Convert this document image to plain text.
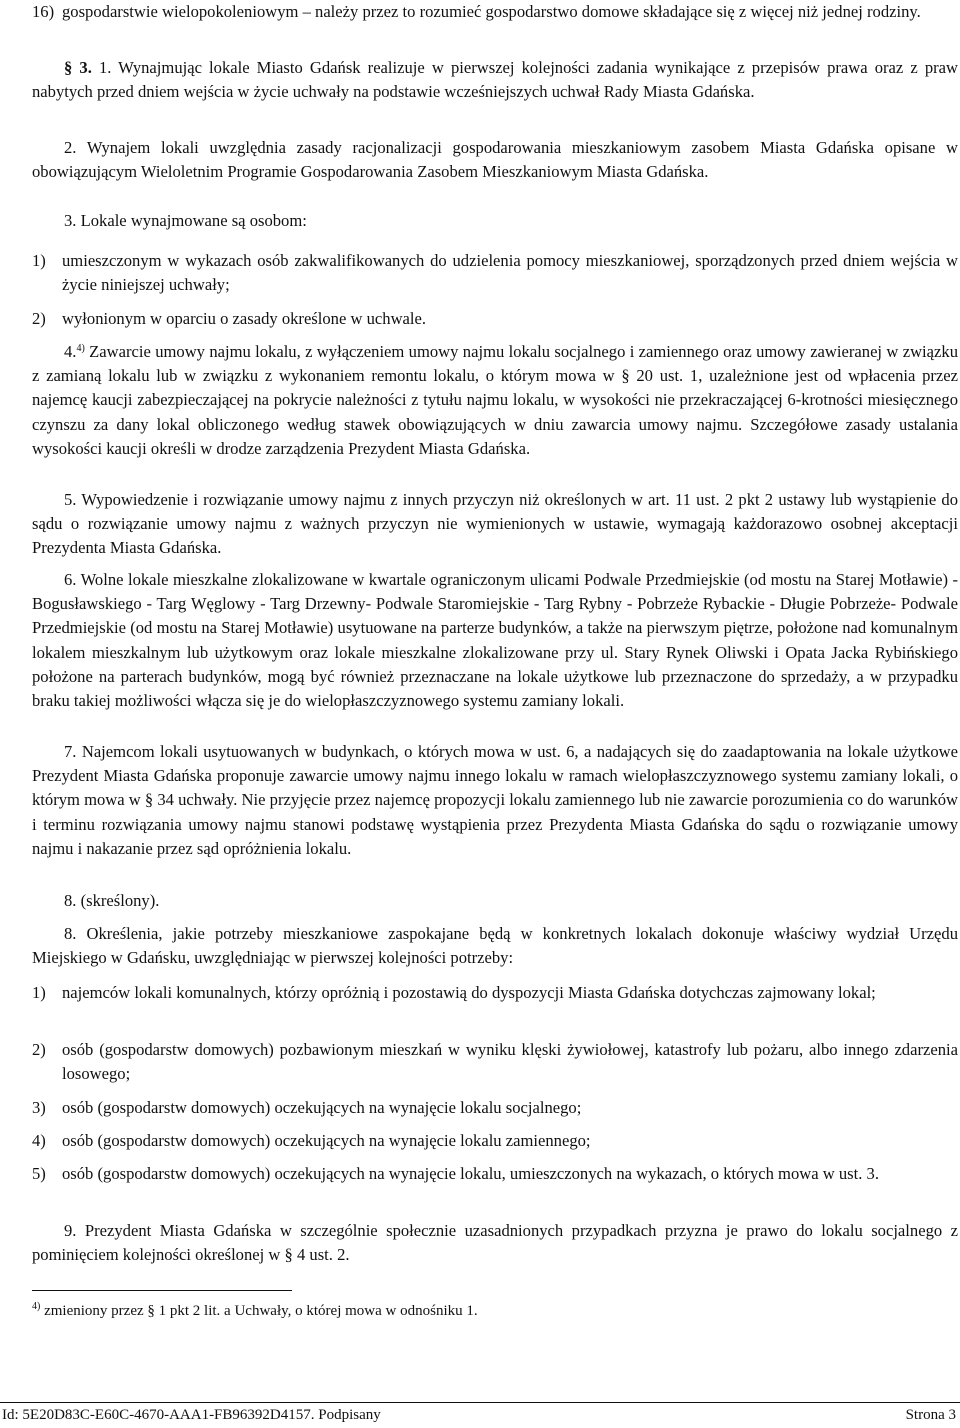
16) gospodarstwie wielopokoleniowym – należy przez to rozumieć gospodarstwo domowe składające się z więcej niż jednej rodziny.

§ 3. 1. Wynajmując lokale Miasto Gdańsk realizuje w pierwszej kolejności zadania wynikające z przepisów prawa oraz z praw nabytych przed dniem wejścia w życie uchwały na podstawie wcześniejszych uchwał Rady Miasta Gdańska.

2. Wynajem lokali uwzględnia zasady racjonalizacji gospodarowania mieszkaniowym zasobem Miasta Gdańska opisane w obowiązującym Wieloletnim Programie Gospodarowania Zasobem Mieszkaniowym Miasta Gdańska.

3. Lokale wynajmowane są osobom:

1) umieszczonym w wykazach osób zakwalifikowanych do udzielenia pomocy mieszkaniowej, sporządzonych przed dniem wejścia w życie niniejszej uchwały;
2) wyłonionym w oparciu o zasady określone w uchwale.

4.$^{4)}$ Zawarcie umowy najmu lokalu, z wyłączeniem umowy najmu lokalu socjalnego i zamiennego oraz umowy zawieranej w związku z zamianą lokalu lub w związku z wykonaniem remontu lokalu, o którym mowa w § 20 ust. 1, uzależnione jest od wpłacenia przez najemcę kaucji zabezpieczającej na pokrycie należności z tytułu najmu lokalu, w wysokości nie przekraczającej 6-krotności miesięcznego czynszu za dany lokal obliczonego według stawek obowiązujących w dniu zawarcia umowy najmu. Szczegółowe zasady ustalania wysokości kaucji określi w drodze zarządzenia Prezydent Miasta Gdańska.

5. Wypowiedzenie i rozwiązanie umowy najmu z innych przyczyn niż określonych w art. 11 ust. 2 pkt 2 ustawy lub wystąpienie do sądu o rozwiązanie umowy najmu z ważnych przyczyn nie wymienionych w ustawie, wymagają każdorazowo osobnej akceptacji Prezydenta Miasta Gdańska.

6. Wolne lokale mieszkalne zlokalizowane w kwartale ograniczonym ulicami Podwale Przedmiejskie (od mostu na Starej Motławie) - Bogusławskiego - Targ Węglowy - Targ Drzewny- Podwale Staromiejskie - Targ Rybny - Pobrzeże Rybackie - Długie Pobrzeże- Podwale Przedmiejskie (od mostu na Starej Motławie) usytuowane na parterze budynków, a także na pierwszym piętrze, położone nad komunalnym lokalem mieszkalnym lub użytkowym oraz lokale mieszkalne zlokalizowane przy ul. Stary Rynek Oliwski i Opata Jacka Rybińskiego położone na parterach budynków, mogą być również przeznaczane na lokale użytkowe lub przeznaczone do sprzedaży, a w przypadku braku takiej możliwości włącza się je do wielopłaszczyznowego systemu zamiany lokali.

7. Najemcom lokali usytuowanych w budynkach, o których mowa w ust. 6, a nadających się do zaadaptowania na lokale użytkowe Prezydent Miasta Gdańska proponuje zawarcie umowy najmu innego lokalu w ramach wielopłaszczyznowego systemu zamiany lokali, o którym mowa w § 34 uchwały. Nie przyjęcie przez najemcę propozycji lokalu zamiennego lub nie zawarcie porozumienia co do warunków i terminu rozwiązania umowy najmu stanowi podstawę wystąpienia przez Prezydenta Miasta Gdańska do sądu o rozwiązanie umowy najmu i nakazanie przez sąd opróżnienia lokalu.

8. (skreślony).

8. Określenia, jakie potrzeby mieszkaniowe zaspokajane będą w konkretnych lokalach dokonuje właściwy wydział Urzędu Miejskiego w Gdańsku, uwzględniając w pierwszej kolejności potrzeby:

1) najemców lokali komunalnych, którzy opróżnią i pozostawią do dyspozycji Miasta Gdańska dotychczas zajmowany lokal;
2) osób (gospodarstw domowych) pozbawionym mieszkań w wyniku klęski żywiołowej, katastrofy lub pożaru, albo innego zdarzenia losowego;
3) osób (gospodarstw domowych) oczekujących na wynajęcie lokalu socjalnego;
4) osób (gospodarstw domowych) oczekujących na wynajęcie lokalu zamiennego;
5) osób (gospodarstw domowych) oczekujących na wynajęcie lokalu, umieszczonych na wykazach, o których mowa w ust. 3.

9. Prezydent Miasta Gdańska w szczególnie społecznie uzasadnionych przypadkach przyzna je prawo do lokalu socjalnego z pominięciem kolejności określonej w § 4 ust. 2.

$^{4)}$ zmieniony przez § 1 pkt 2 lit. a Uchwały, o której mowa w odnośniku 1.
Id: 5E20D83C-E60C-4670-AAA1-FB96392D4157. Podpisany	Strona 3
